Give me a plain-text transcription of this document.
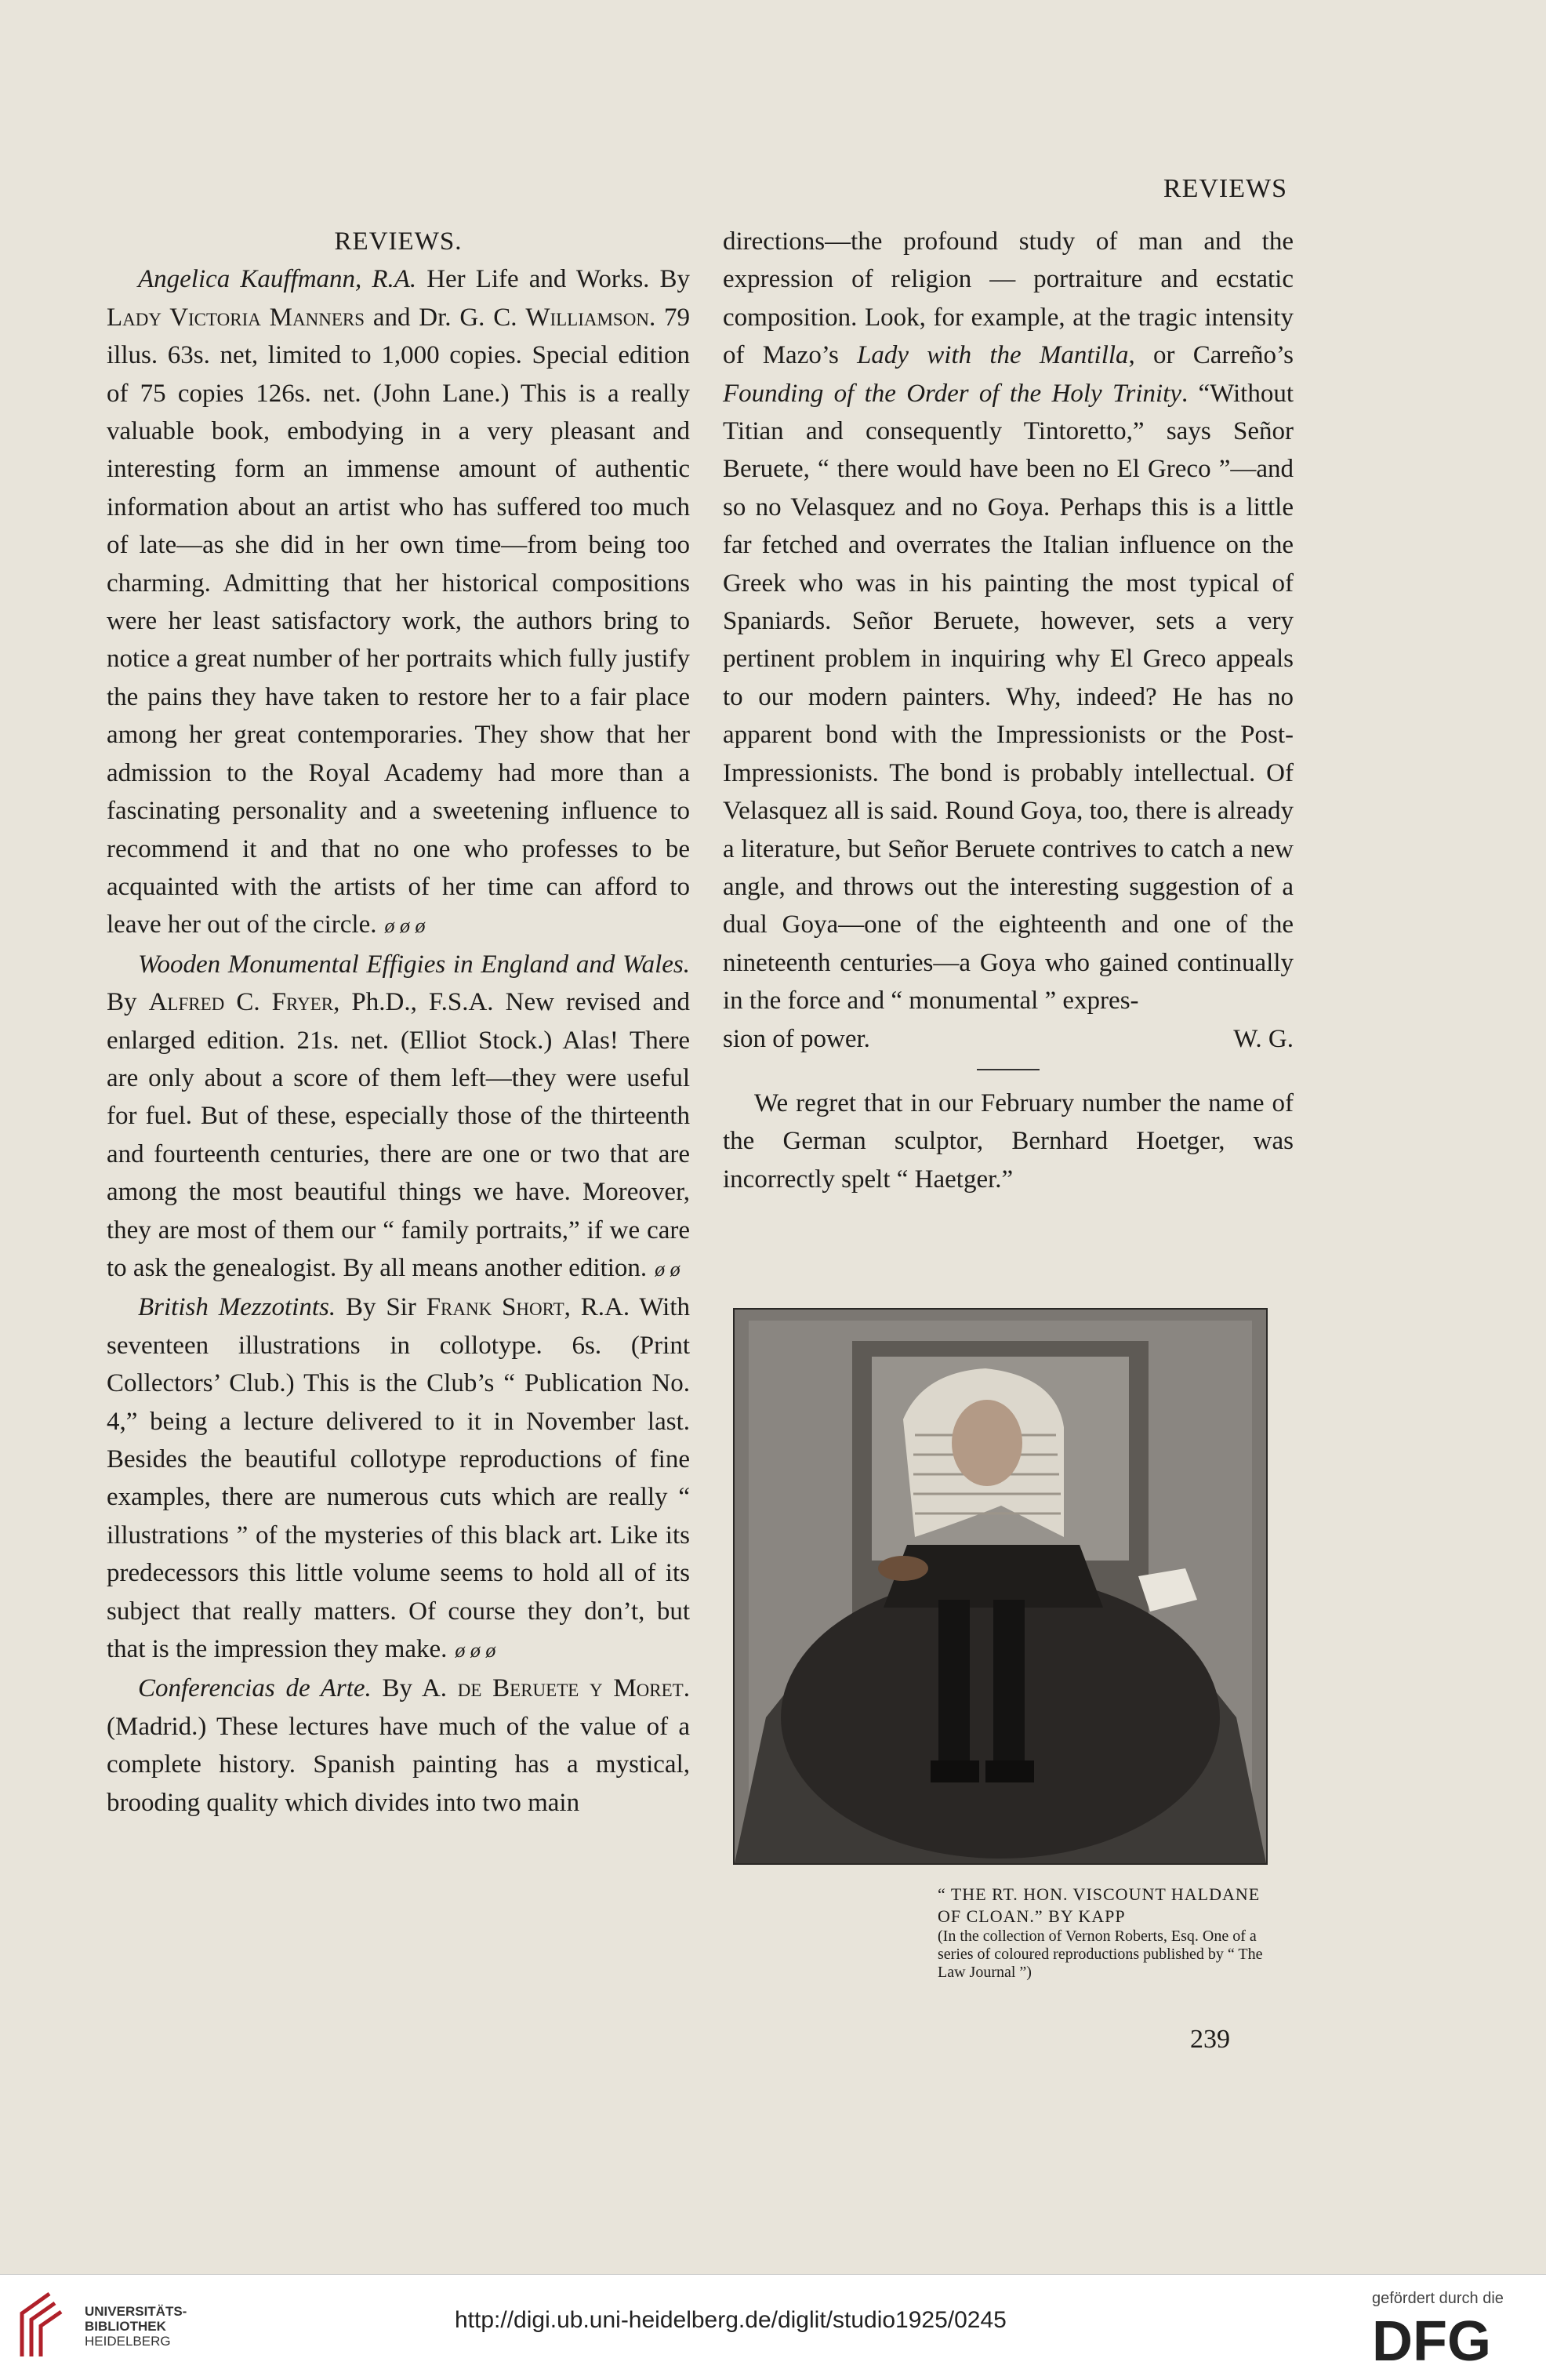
REVIEWS

REVIEWS.

Angelica Kauffmann, R.A. Her Life and Works. By Lady Victoria Manners and Dr. G. C. Williamson. 79 illus. 63s. net, limited to 1,000 copies. Special edition of 75 copies 126s. net. (John Lane.) This is a really valuable book, embodying in a very pleasant and interesting form an immense amount of authentic information about an artist who has suffered too much of late—as she did in her own time—from being too charming. Admitting that her historical compositions were her least satisfactory work, the authors bring to notice a great number of her portraits which fully justify the pains they have taken to restore her to a fair place among her great contemporaries. They show that her admission to the Royal Academy had more than a fascinating personality and a sweetening influence to recommend it and that no one who professes to be acquainted with the artists of her time can afford to leave her out of the circle. ø ø ø

Wooden Monumental Effigies in England and Wales. By Alfred C. Fryer, Ph.D., F.S.A. New revised and enlarged edition. 21s. net. (Elliot Stock.) Alas! There are only about a score of them left—they were useful for fuel. But of these, especially those of the thirteenth and fourteenth centuries, there are one or two that are among the most beautiful things we have. Moreover, they are most of them our “ family portraits,” if we care to ask the genealogist. By all means another edition. ø ø

British Mezzotints. By Sir Frank Short, R.A. With seventeen illustrations in collotype. 6s. (Print Collectors’ Club.) This is the Club’s “ Publication No. 4,” being a lecture delivered to it in November last. Besides the beautiful collotype reproductions of fine examples, there are numerous cuts which are really “ illustrations ” of the mysteries of this black art. Like its predecessors this little volume seems to hold all of its subject that really matters. Of course they don’t, but that is the impression they make. ø ø ø

Conferencias de Arte. By A. de Beruete y Moret. (Madrid.) These lectures have much of the value of a complete history. Spanish painting has a mystical, brooding quality which divides into two main

directions—the profound study of man and the expression of religion — portraiture and ecstatic composition. Look, for example, at the tragic intensity of Mazo’s Lady with the Mantilla, or Carreño’s Founding of the Order of the Holy Trinity. “Without Titian and consequently Tintoretto,” says Señor Beruete, “ there would have been no El Greco ”—and so no Velasquez and no Goya. Perhaps this is a little far fetched and overrates the Italian influence on the Greek who was in his painting the most typical of Spaniards. Señor Beruete, however, sets a very pertinent problem in inquiring why El Greco appeals to our modern painters. Why, indeed? He has no apparent bond with the Impressionists or the Post-Impressionists. The bond is probably intellectual. Of Velasquez all is said. Round Goya, too, there is already a literature, but Señor Beruete contrives to catch a new angle, and throws out the interesting suggestion of a dual Goya—one of the eighteenth and one of the nineteenth centuries—a Goya who gained continually in the force and “ monumental ” expres-

sion of power.	W. G.

We regret that in our February number the name of the German sculptor, Bernhard Hoetger, was incorrectly spelt “ Haetger.”

“ THE RT. HON. VISCOUNT HALDANE OF CLOAN.” BY KAPP
(In the collection of Vernon Roberts, Esq. One of a series of coloured reproductions published by “ The Law Journal ”)
239
UNIVERSITÄTS-
BIBLIOTHEK
HEIDELBERG
http://digi.ub.uni-heidelberg.de/diglit/studio1925/0245
gefördert durch die
DFG
